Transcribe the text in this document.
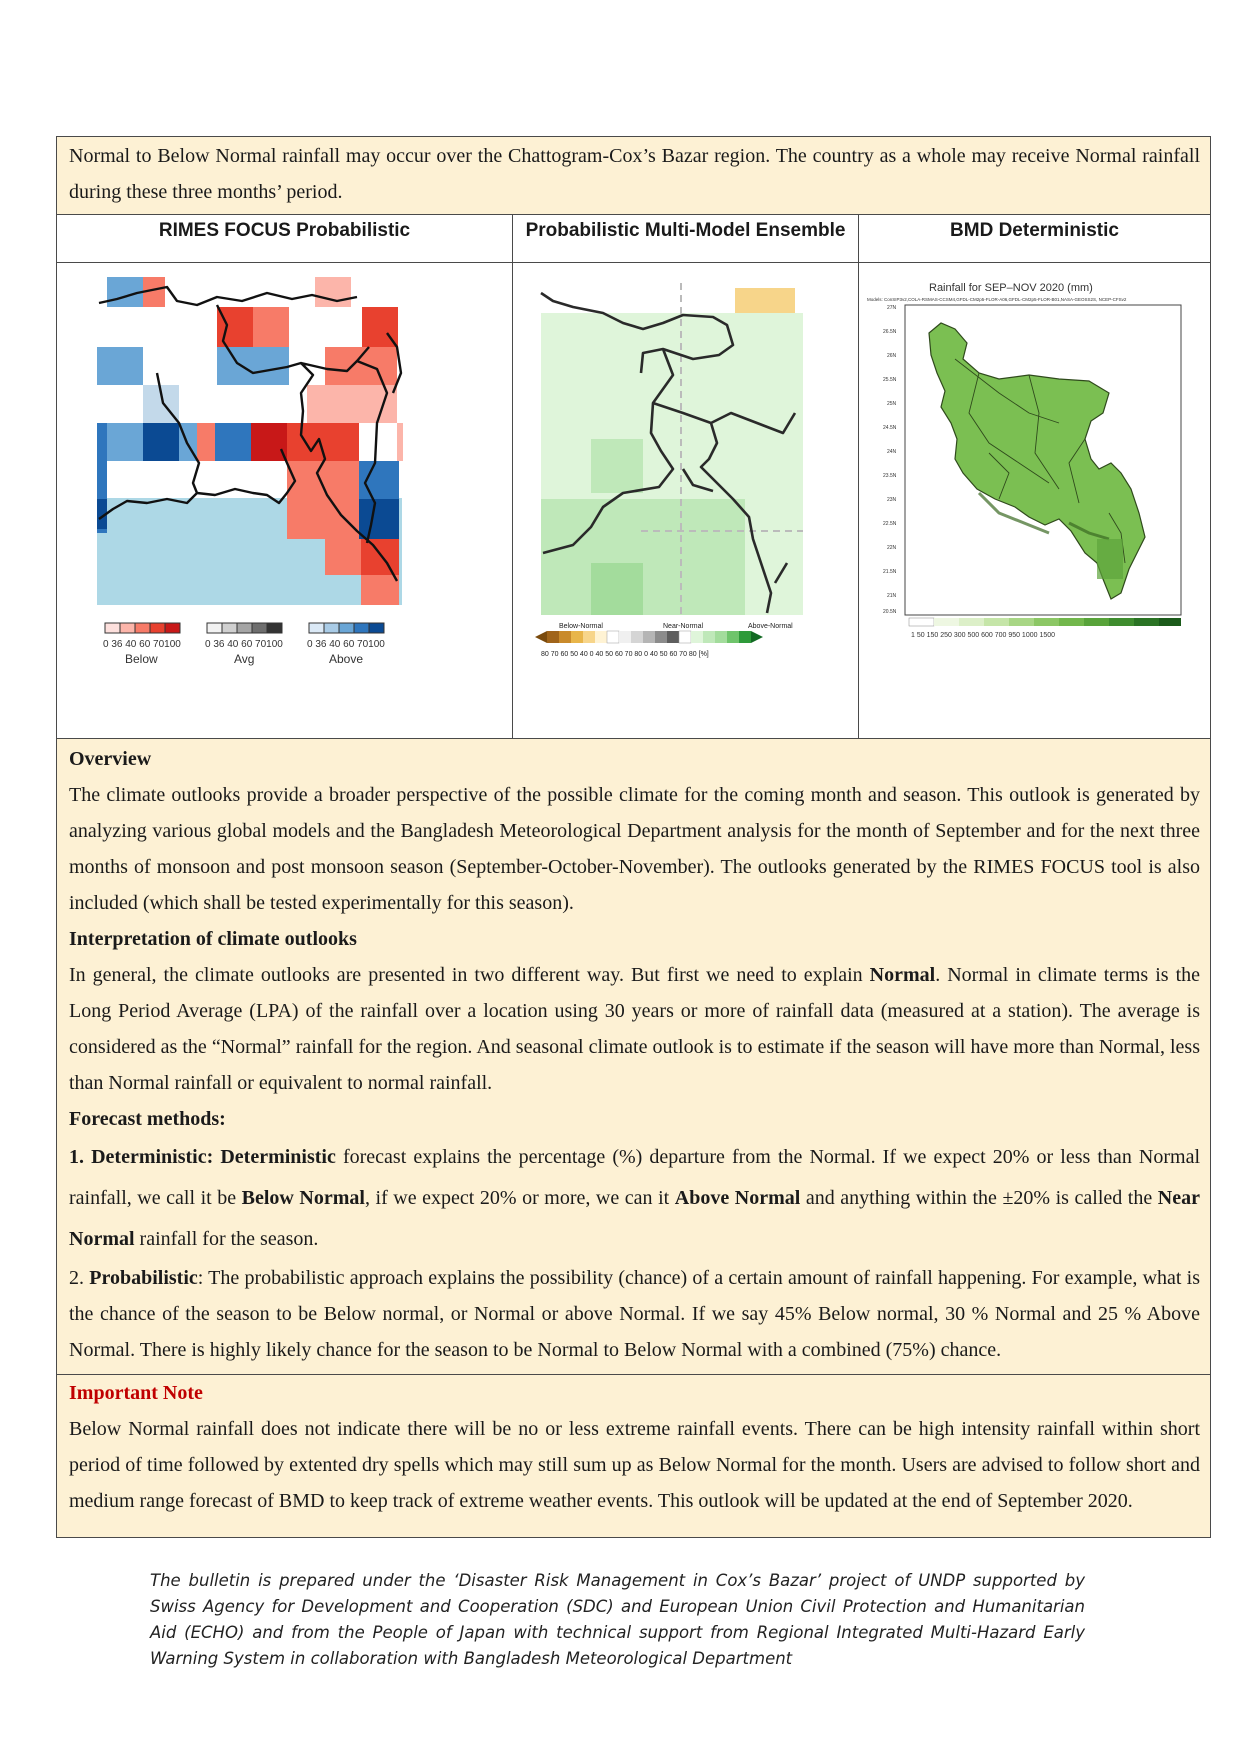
Normal to Below Normal rainfall may occur over the Chattogram-Cox’s Bazar region. The country as a whole may receive Normal rainfall during these three months’ period.
RIMES FOCUS Probabilistic
0 36 40 60 70100 0 36 40 60 70100 0 36 40 60 70100
Below	Avg	Above
Probabilistic Multi-Model Ensemble
Below-Normal	Near-Normal	Above-Normal
80 70 60 50 40 0 40 50 60 70 80 0 40 50 60 70 80 [%]
BMD Deterministic
Rainfall for SEP–NOV 2020 (mm)
Models: ConSIP3v2,COLA-RSMAS-CCSM4,GFDL-CM2p5-FLOR-A06,GFDL-CM2p5-FLOR-B01,NASA-GEOSS2S, NCEP-CFSv2
27N
26.5N
26N
25.5N
25N
24.5N
24N
23.5N
23N
22.5N
22N
21.5N
21N
20.5N
1 50 150 250 300 500 600 700 950 1000 1500

Overview

The climate outlooks provide a broader perspective of the possible climate for the coming month and season. This outlook is generated by analyzing various global models and the Bangladesh Meteorological Department analysis for the month of September and for the next three months of monsoon and post monsoon season (September-October-November). The outlooks generated by the RIMES FOCUS tool is also included (which shall be tested experimentally for this season).

Interpretation of climate outlooks

In general, the climate outlooks are presented in two different way. But first we need to explain Normal. Normal in climate terms is the Long Period Average (LPA) of the rainfall over a location using 30 years or more of rainfall data (measured at a station). The average is considered as the “Normal” rainfall for the region. And seasonal climate outlook is to estimate if the season will have more than Normal, less than Normal rainfall or equivalent to normal rainfall.

Forecast methods:

1. Deterministic: Deterministic forecast explains the percentage (%) departure from the Normal. If we expect 20% or less than Normal rainfall, we call it be Below Normal, if we expect 20% or more, we can it Above Normal and anything within the ±20% is called the Near Normal rainfall for the season.

2. Probabilistic: The probabilistic approach explains the possibility (chance) of a certain amount of rainfall happening. For example, what is the chance of the season to be Below normal, or Normal or above Normal. If we say 45% Below normal, 30 % Normal and 25 % Above Normal. There is highly likely chance for the season to be Normal to Below Normal with a combined (75%) chance.

Important Note
Below Normal rainfall does not indicate there will be no or less extreme rainfall events. There can be high intensity rainfall within short period of time followed by extented dry spells which may still sum up as Below Normal for the month. Users are advised to follow short and medium range forecast of BMD to keep track of extreme weather events. This outlook will be updated at the end of September 2020.
The bulletin is prepared under the ‘Disaster Risk Management in Cox’s Bazar’ project of UNDP supported by Swiss Agency for Development and Cooperation (SDC) and European Union Civil Protection and Humanitarian Aid (ECHO) and from the People of Japan with technical support from Regional Integrated Multi-Hazard Early Warning System in collaboration with Bangladesh Meteorological Department
